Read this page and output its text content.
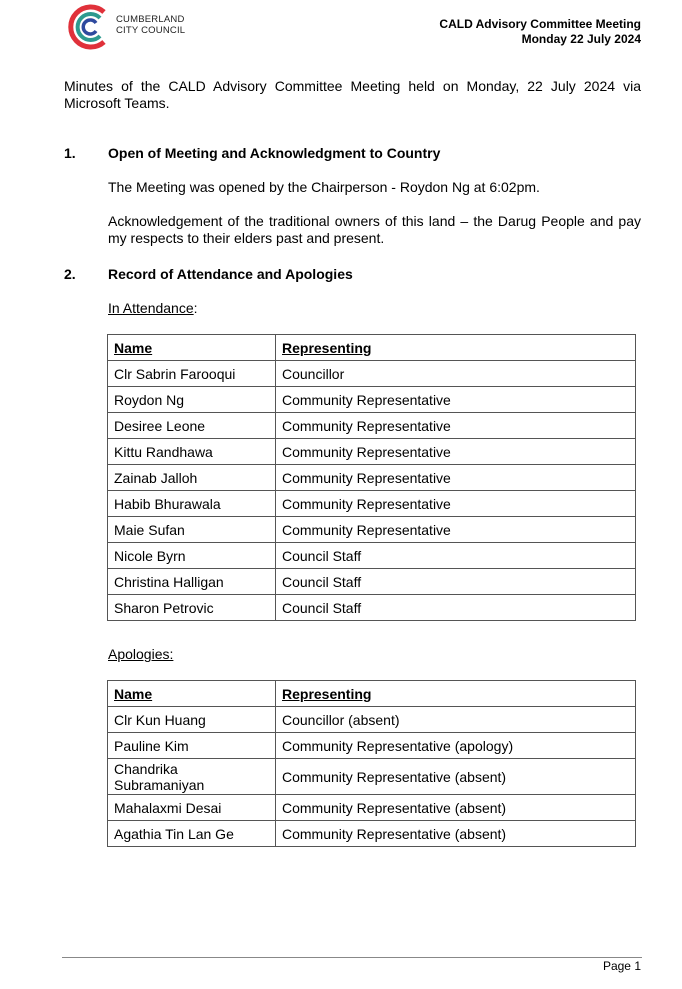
CUMBERLAND
CITY COUNCIL	CALD Advisory Committee Meeting
Monday 22 July 2024
Minutes of the CALD Advisory Committee Meeting held on Monday, 22 July 2024 via Microsoft Teams.
1. Open of Meeting and Acknowledgment to Country
The Meeting was opened by the Chairperson - Roydon Ng at 6:02pm.
Acknowledgement of the traditional owners of this land – the Darug People and pay my respects to their elders past and present.
2. Record of Attendance and Apologies
In Attendance:
Name	Representing
Clr Sabrin Farooqui	Councillor
Roydon Ng	Community Representative
Desiree Leone	Community Representative
Kittu Randhawa	Community Representative
Zainab Jalloh	Community Representative
Habib Bhurawala	Community Representative
Maie Sufan	Community Representative
Nicole Byrn	Council Staff
Christina Halligan	Council Staff
Sharon Petrovic	Council Staff
Apologies:
Name	Representing
Clr Kun Huang	Councillor (absent)
Pauline Kim	Community Representative (apology)
Chandrika Subramaniyan	Community Representative (absent)
Mahalaxmi Desai	Community Representative (absent)
Agathia Tin Lan Ge	Community Representative (absent)
Page 1
